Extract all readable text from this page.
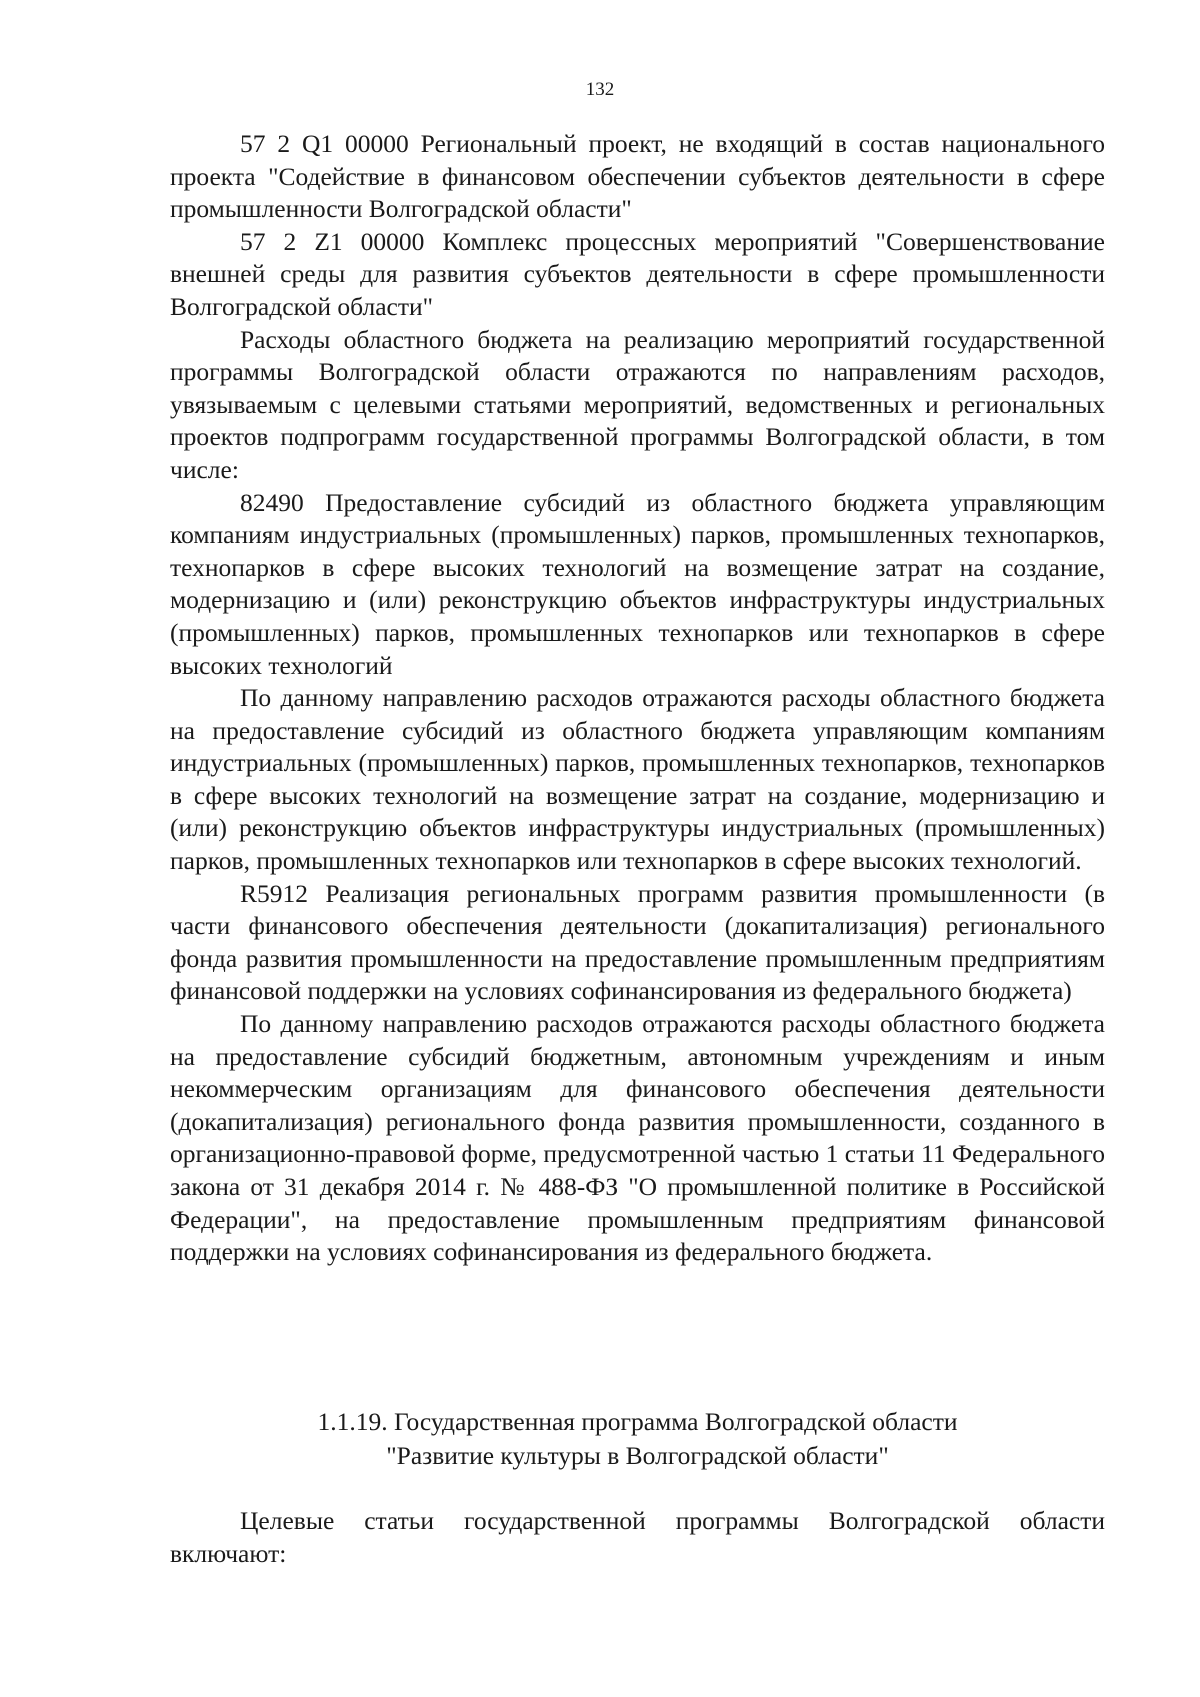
132

57 2 Q1 00000 Региональный проект, не входящий в состав национального проекта "Содействие в финансовом обеспечении субъектов деятельности в сфере промышленности Волгоградской области"

57 2 Z1 00000 Комплекс процессных мероприятий "Совершенствование внешней среды для развития субъектов деятельности в сфере промышленности Волгоградской области"

Расходы областного бюджета на реализацию мероприятий государственной программы Волгоградской области отражаются по направлениям расходов, увязываемым с целевыми статьями мероприятий, ведомственных и региональных проектов подпрограмм государственной программы Волгоградской области, в том числе:

82490 Предоставление субсидий из областного бюджета управляющим компаниям индустриальных (промышленных) парков, промышленных технопарков, технопарков в сфере высоких технологий на возмещение затрат на создание, модернизацию и (или) реконструкцию объектов инфраструктуры индустриальных (промышленных) парков, промышленных технопарков или технопарков в сфере высоких технологий

По данному направлению расходов отражаются расходы областного бюджета на предоставление субсидий из областного бюджета управляющим компаниям индустриальных (промышленных) парков, промышленных технопарков, технопарков в сфере высоких технологий на возмещение затрат на создание, модернизацию и (или) реконструкцию объектов инфраструктуры индустриальных (промышленных) парков, промышленных технопарков или технопарков в сфере высоких технологий.

R5912 Реализация региональных программ развития промышленности (в части финансового обеспечения деятельности (докапитализация) регионального фонда развития промышленности на предоставление промышленным предприятиям финансовой поддержки на условиях софинансирования из федерального бюджета)

По данному направлению расходов отражаются расходы областного бюджета на предоставление субсидий бюджетным, автономным учреждениям и иным некоммерческим организациям для финансового обеспечения деятельности (докапитализация) регионального фонда развития промышленности, созданного в организационно-правовой форме, предусмотренной частью 1 статьи 11 Федерального закона от 31 декабря 2014 г. № 488-ФЗ "О промышленной политике в Российской Федерации", на предоставление промышленным предприятиям финансовой поддержки на условиях софинансирования из федерального бюджета.

1.1.19. Государственная программа Волгоградской области
"Развитие культуры в Волгоградской области"

Целевые статьи государственной программы Волгоградской области включают:
